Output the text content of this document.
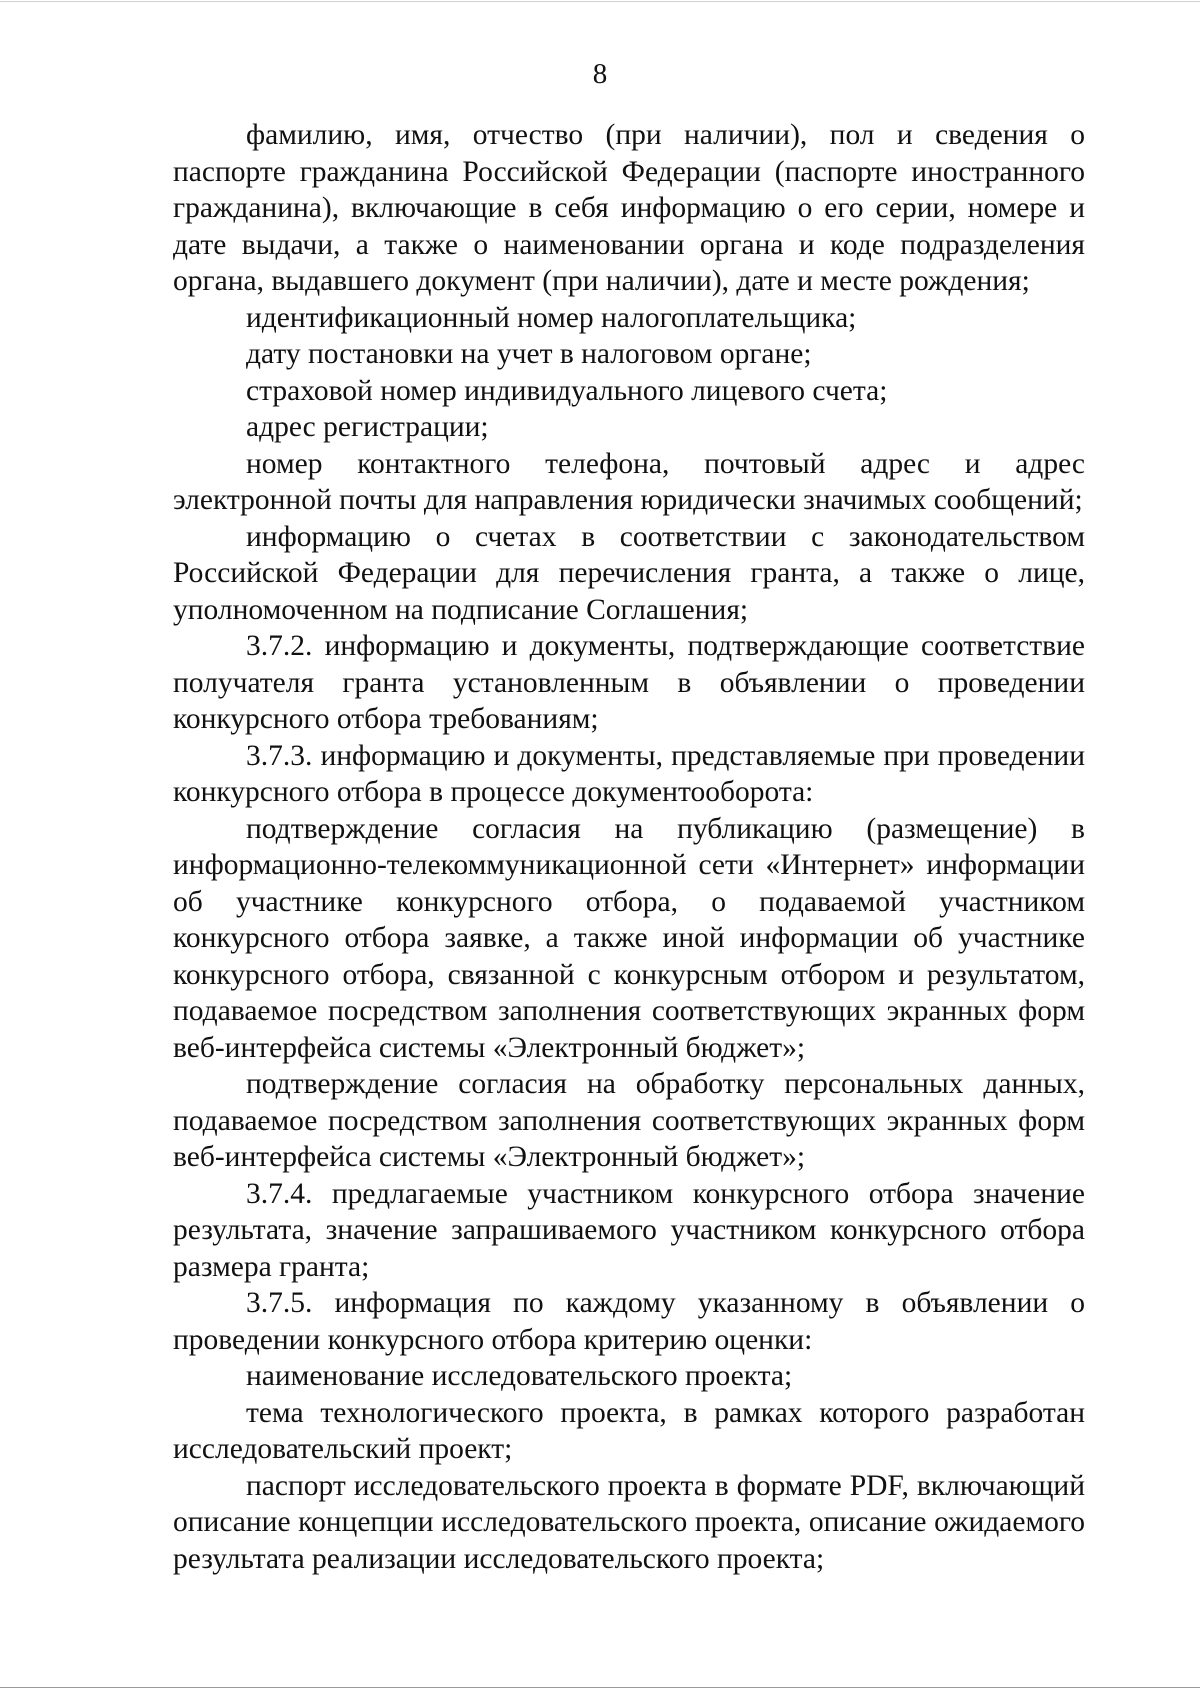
8

фамилию, имя, отчество (при наличии), пол и сведения о паспорте гражданина Российской Федерации (паспорте иностранного гражданина), включающие в себя информацию о его серии, номере и дате выдачи, а также о наименовании органа и коде подразделения органа, выдавшего документ (при наличии), дате и месте рождения;

идентификационный номер налогоплательщика;

дату постановки на учет в налоговом органе;

страховой номер индивидуального лицевого счета;

адрес регистрации;

номер контактного телефона, почтовый адрес и адрес электронной почты для направления юридически значимых сообщений;

информацию о счетах в соответствии с законодательством Российской Федерации для перечисления гранта, а также о лице, уполномоченном на подписание Соглашения;

3.7.2. информацию и документы, подтверждающие соответствие получателя гранта установленным в объявлении о проведении конкурсного отбора требованиям;

3.7.3. информацию и документы, представляемые при проведении конкурсного отбора в процессе документооборота:

подтверждение согласия на публикацию (размещение) в информационно-телекоммуникационной сети «Интернет» информации об участнике конкурсного отбора, о подаваемой участником конкурсного отбора заявке, а также иной информации об участнике конкурсного отбора, связанной с конкурсным отбором и результатом, подаваемое посредством заполнения соответствующих экранных форм веб-интерфейса системы «Электронный бюджет»;

подтверждение согласия на обработку персональных данных, подаваемое посредством заполнения соответствующих экранных форм веб-интерфейса системы «Электронный бюджет»;

3.7.4. предлагаемые участником конкурсного отбора значение результата, значение запрашиваемого участником конкурсного отбора размера гранта;

3.7.5. информация по каждому указанному в объявлении о проведении конкурсного отбора критерию оценки:

наименование исследовательского проекта;

тема технологического проекта, в рамках которого разработан исследовательский проект;

паспорт исследовательского проекта в формате PDF, включающий описание концепции исследовательского проекта, описание ожидаемого результата реализации исследовательского проекта;
